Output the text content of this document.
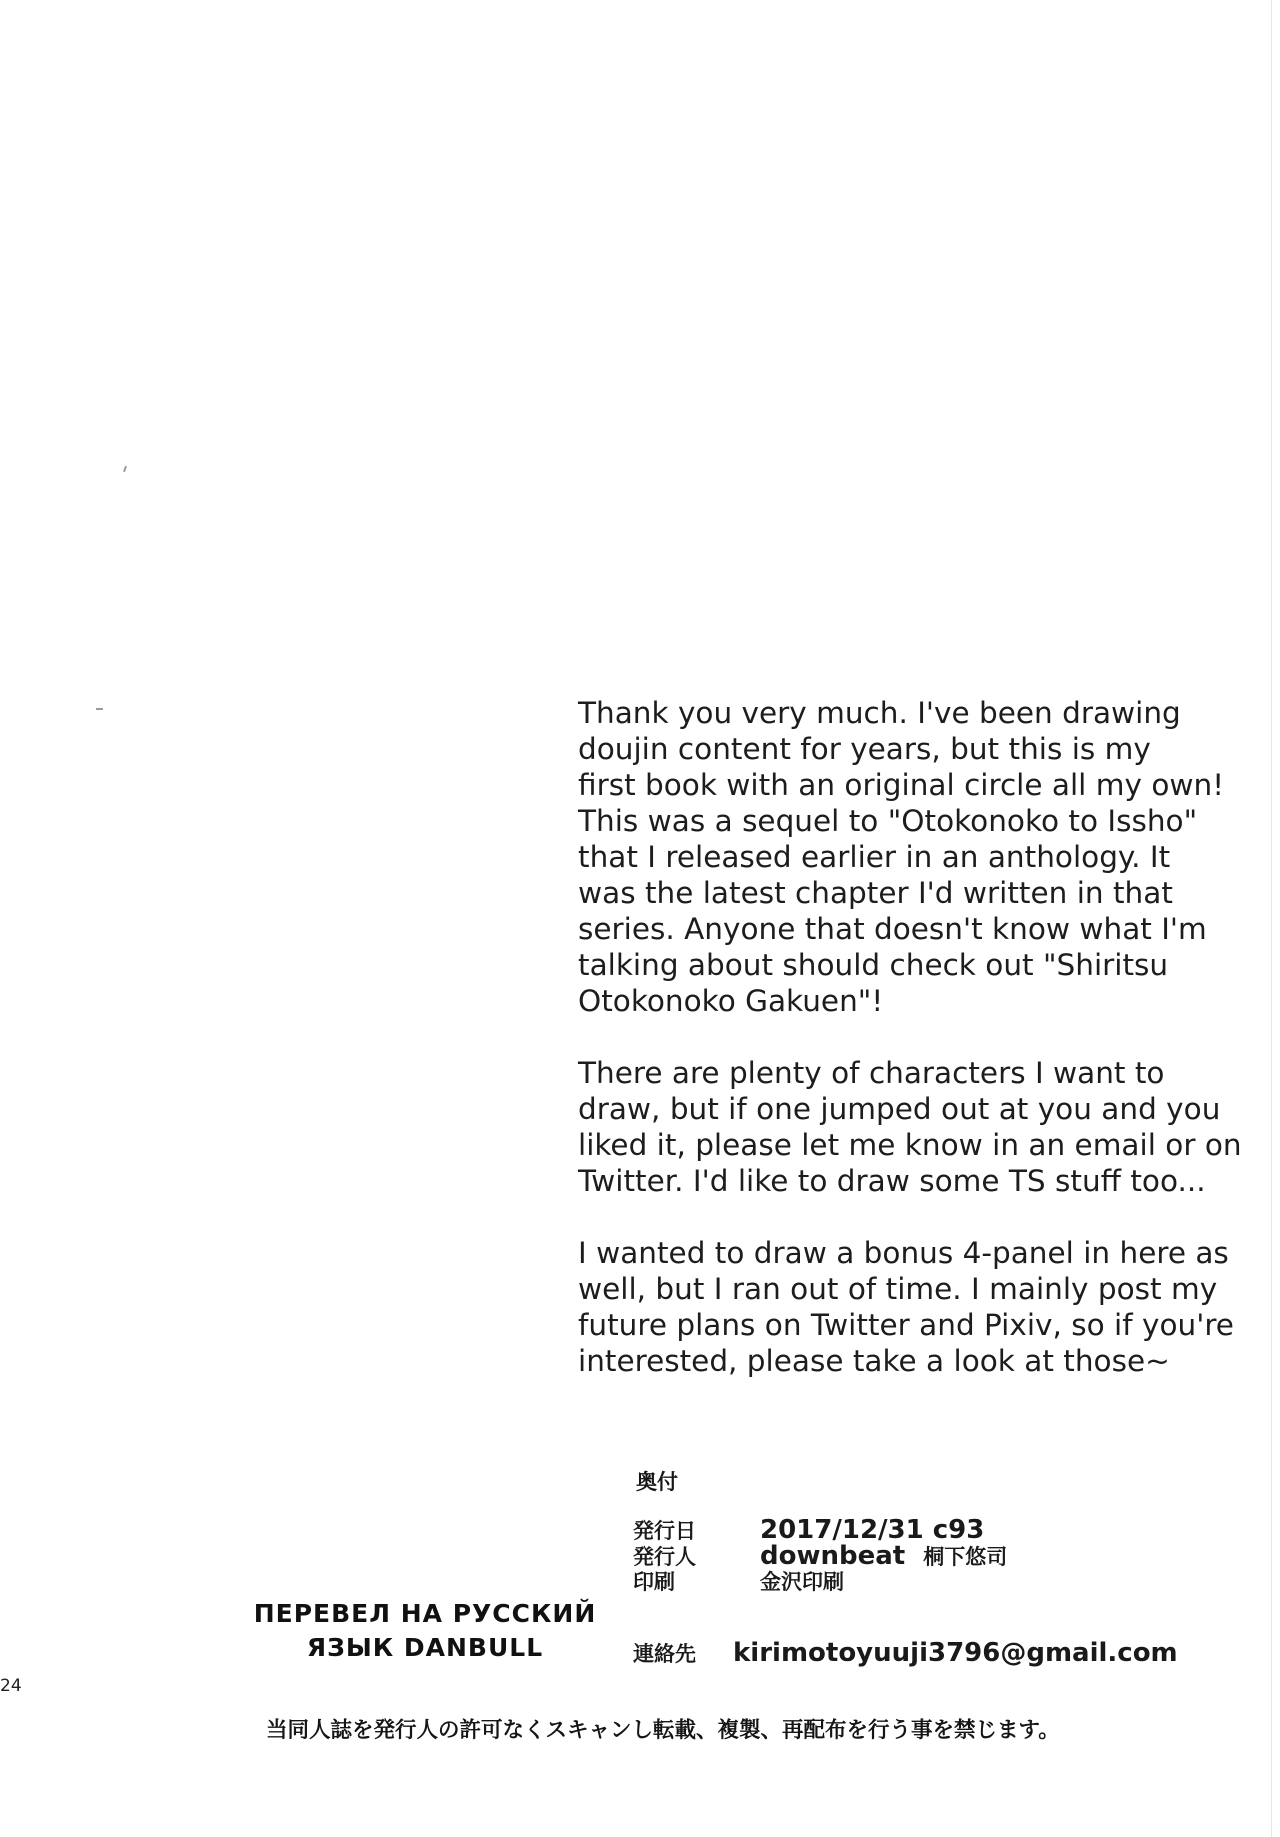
Thank you very much. I've been drawing
doujin content for years, but this is my
first book with an original circle all my own!
This was a sequel to "Otokonoko to Issho"
that I released earlier in an anthology. It
was the latest chapter I'd written in that
series. Anyone that doesn't know what I'm
talking about should check out "Shiritsu
Otokonoko Gakuen"!
There are plenty of characters I want to
draw, but if one jumped out at you and you
liked it, please let me know in an email or on
Twitter. I'd like to draw some TS stuff too...
I wanted to draw a bonus 4-panel in here as
well, but I ran out of time. I mainly post my
future plans on Twitter and Pixiv, so if you're
interested, please take a look at those~
奥付
発行日	2017/12/31 c93
発行人	downbeat 桐下悠司
印刷	金沢印刷
連絡先	kirimotoyuuji3796@gmail.com
ПЕРЕВЕЛ НА РУССКИЙ
ЯЗЫК DANBULL
24
当同人誌を発行人の許可なくスキャンし転載、複製、再配布を行う事を禁じます。
